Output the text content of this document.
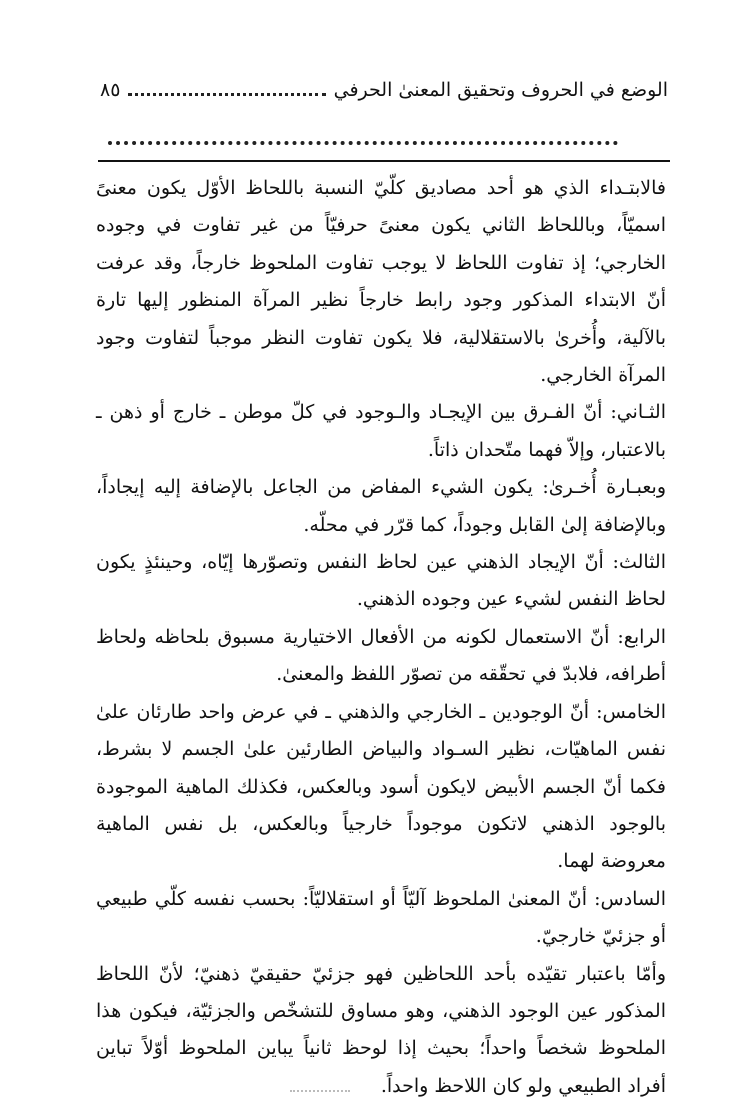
٨٥	الوضع في الحروف وتحقيق المعنىٰ الحرفي

فالابتـداء الذي هو أحد مصاديق كلّيّ النسبة باللحاظ الأوّل يكون معنىً اسميّاً، وباللحاظ الثاني يكون معنىً حرفيّاً من غير تفاوت في وجوده الخارجي؛ إذ تفاوت اللحاظ لا يوجب تفاوت الملحوظ خارجاً، وقد عرفت أنّ الابتداء المذكور وجود رابط خارجاً نظير المرآة المنظور إليها تارة بالآلية، وأُخرىٰ بالاستقلالية، فلا يكون تفاوت النظر موجباً لتفاوت وجود المرآة الخارجي.

الثـاني: أنّ الفـرق بين الإيجـاد والـوجود في كلّ موطن ـ خارج أو ذهن ـ بالاعتبار، وإلاّ فهما متّحدان ذاتاً.

وبعبـارة أُخـرىٰ: يكون الشيء المفاض من الجاعل بالإضافة إليه إيجاداً، وبالإضافة إلىٰ القابل وجوداً، كما قرّر في محلّه.

الثالث: أنّ الإيجاد الذهني عين لحاظ النفس وتصوّرها إيّاه، وحينئذٍ يكون لحاظ النفس لشيء عين وجوده الذهني.

الرابع: أنّ الاستعمال لكونه من الأفعال الاختيارية مسبوق بلحاظه ولحاظ أطرافه، فلابدّ في تحقّقه من تصوّر اللفظ والمعنىٰ.

الخامس: أنّ الوجودين ـ الخارجي والذهني ـ في عرض واحد طارئان علىٰ نفس الماهيّات، نظير السـواد والبياض الطارئين علىٰ الجسم لا بشرط، فكما أنّ الجسم الأبيض لايكون أسود وبالعكس، فكذلك الماهية الموجودة بالوجود الذهني لاتكون موجوداً خارجياً وبالعكس، بل نفس الماهية معروضة لهما.

السادس: أنّ المعنىٰ الملحوظ آليّاً أو استقلاليّاً: بحسب نفسه كلّي طبيعي أو جزئيّ خارجيّ.

وأمّا باعتبار تقيّده بأحد اللحاظين فهو جزئيّ حقيقيّ ذهنيّ؛ لأنّ اللحاظ المذكور عين الوجود الذهني، وهو مساوق للتشخّص والجزئيّة، فيكون هذا الملحوظ شخصاً واحداً؛ بحيث إذا لوحظ ثانياً يباين الملحوظ أوّلاً تباين أفراد الطبيعي ولو كان اللاحظ واحداً.
